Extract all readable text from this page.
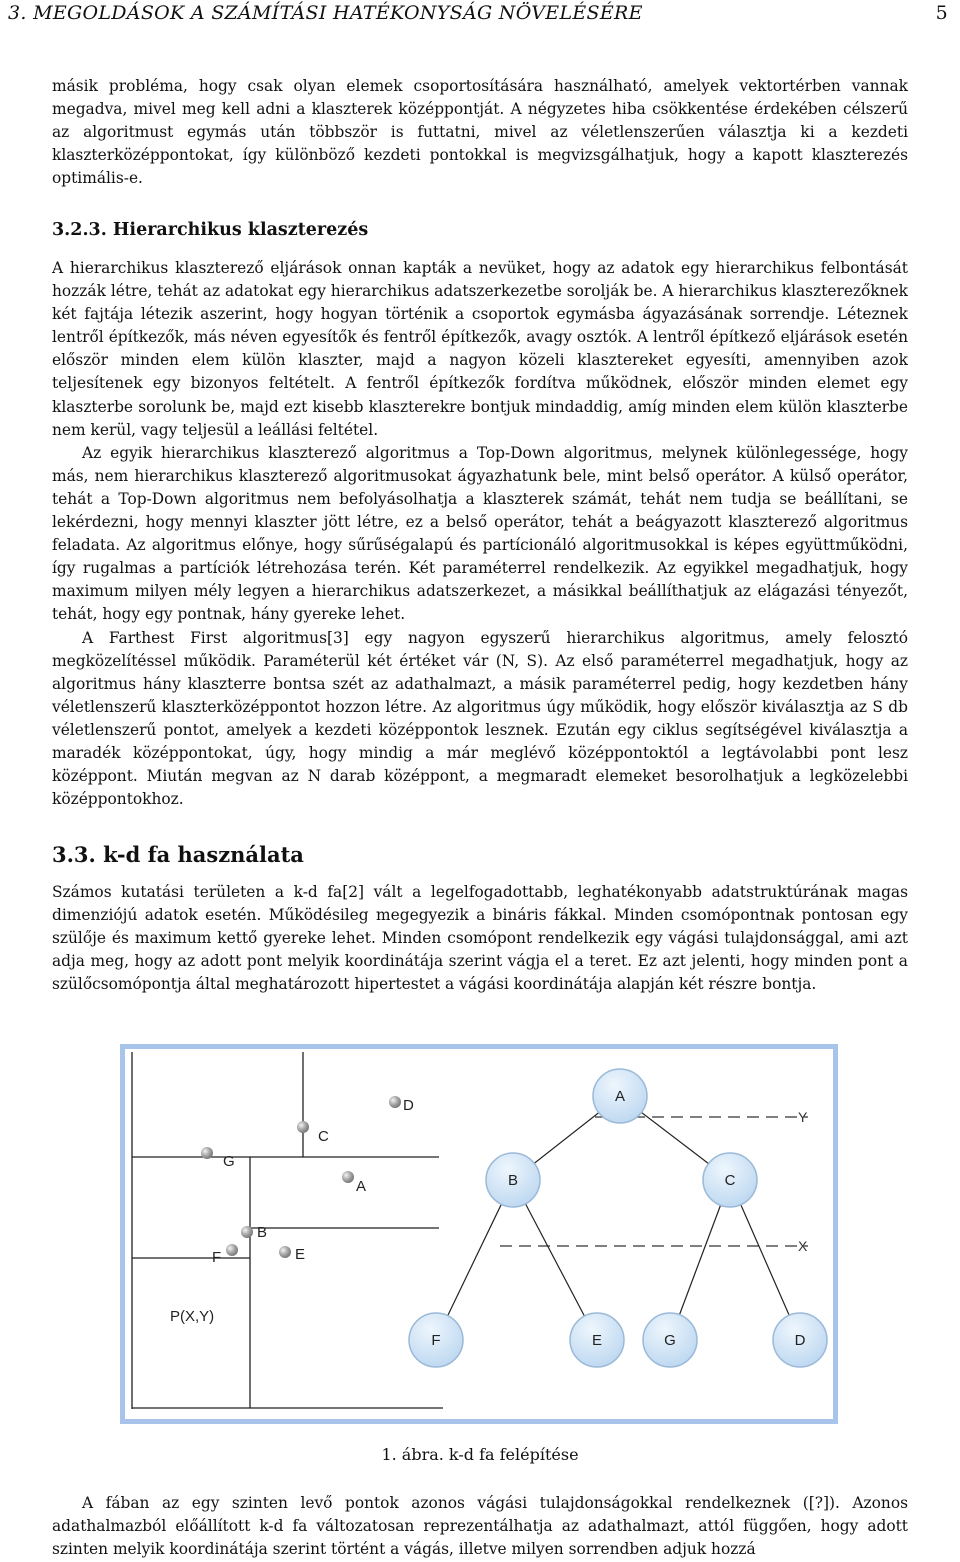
3. MEGOLDÁSOK A SZÁMÍTÁSI HATÉKONYSÁG NÖVELÉSÉRE	5

másik probléma, hogy csak olyan elemek csoportosítására használható, amelyek vektortérben vannak megadva, mivel meg kell adni a klaszterek középpontját. A négyzetes hiba csökkentése érdekében célszerű az algoritmust egymás után többször is futtatni, mivel az véletlenszerűen választja ki a kezdeti klaszterközéppontokat, így különböző kezdeti pontokkal is megvizsgálhatjuk, hogy a kapott klaszterezés optimális-e.

3.2.3. Hierarchikus klaszterezés

A hierarchikus klaszterező eljárások onnan kapták a nevüket, hogy az adatok egy hierarchikus felbontását hozzák létre, tehát az adatokat egy hierarchikus adatszerkezetbe sorolják be. A hierarchikus klaszterezőknek két fajtája létezik aszerint, hogy hogyan történik a csoportok egymásba ágyazásának sorrendje. Léteznek lentről építkezők, más néven egyesítők és fentről építkezők, avagy osztók. A lentről építkező eljárások esetén először minden elem külön klaszter, majd a nagyon közeli klasztereket egyesíti, amennyiben azok teljesítenek egy bizonyos feltételt. A fentről építkezők fordítva működnek, először minden elemet egy klaszterbe sorolunk be, majd ezt kisebb klaszterekre bontjuk mindaddig, amíg minden elem külön klaszterbe nem kerül, vagy teljesül a leállási feltétel.

Az egyik hierarchikus klaszterező algoritmus a Top-Down algoritmus, melynek különlegessége, hogy más, nem hierarchikus klaszterező algoritmusokat ágyazhatunk bele, mint belső operátor. A külső operátor, tehát a Top-Down algoritmus nem befolyásolhatja a klaszterek számát, tehát nem tudja se beállítani, se lekérdezni, hogy mennyi klaszter jött létre, ez a belső operátor, tehát a beágyazott klaszterező algoritmus feladata. Az algoritmus előnye, hogy sűrűségalapú és partícionáló algoritmusokkal is képes együttműködni, így rugalmas a partíciók létrehozása terén. Két paraméterrel rendelkezik. Az egyikkel megadhatjuk, hogy maximum milyen mély legyen a hierarchikus adatszerkezet, a másikkal beállíthatjuk az elágazási tényezőt, tehát, hogy egy pontnak, hány gyereke lehet.

A Farthest First algoritmus[3] egy nagyon egyszerű hierarchikus algoritmus, amely felosztó megközelítéssel működik. Paraméterül két értéket vár (N, S). Az első paraméterrel megadhatjuk, hogy az algoritmus hány klaszterre bontsa szét az adathalmazt, a másik paraméterrel pedig, hogy kezdetben hány véletlenszerű klaszterközéppontot hozzon létre. Az algoritmus úgy működik, hogy először kiválasztja az S db véletlenszerű pontot, amelyek a kezdeti középpontok lesznek. Ezután egy ciklus segítségével kiválasztja a maradék középpontokat, úgy, hogy mindig a már meglévő középpontoktól a legtávolabbi pont lesz középpont. Miután megvan az N darab középpont, a megmaradt elemeket besorolhatjuk a legközelebbi középpontokhoz.

3.3. k-d fa használata

Számos kutatási területen a k-d fa[2] vált a legelfogadottabb, leghatékonyabb adatstruktúrának magas dimenziójú adatok esetén. Működésileg megegyezik a bináris fákkal. Minden csomópontnak pontosan egy szülője és maximum kettő gyereke lehet. Minden csomópont rendelkezik egy vágási tulajdonsággal, ami azt adja meg, hogy az adott pont melyik koordinátája szerint vágja el a teret. Ez azt jelenti, hogy minden pont a szülőcsomópontja által meghatározott hipertestet a vágási koordinátája alapján két részre bontja.

D
C
G
A
B
F	E
P(X,Y)
Y
X
A
B	C
F	E	G	D
1. ábra. k-d fa felépítése

A fában az egy szinten levő pontok azonos vágási tulajdonságokkal rendelkeznek ([?]). Azonos adathalmazból előállított k-d fa változatosan reprezentálhatja az adathalmazt, attól függően, hogy adott szinten melyik koordinátája szerint történt a vágás, illetve milyen sorrendben adjuk hozzá
